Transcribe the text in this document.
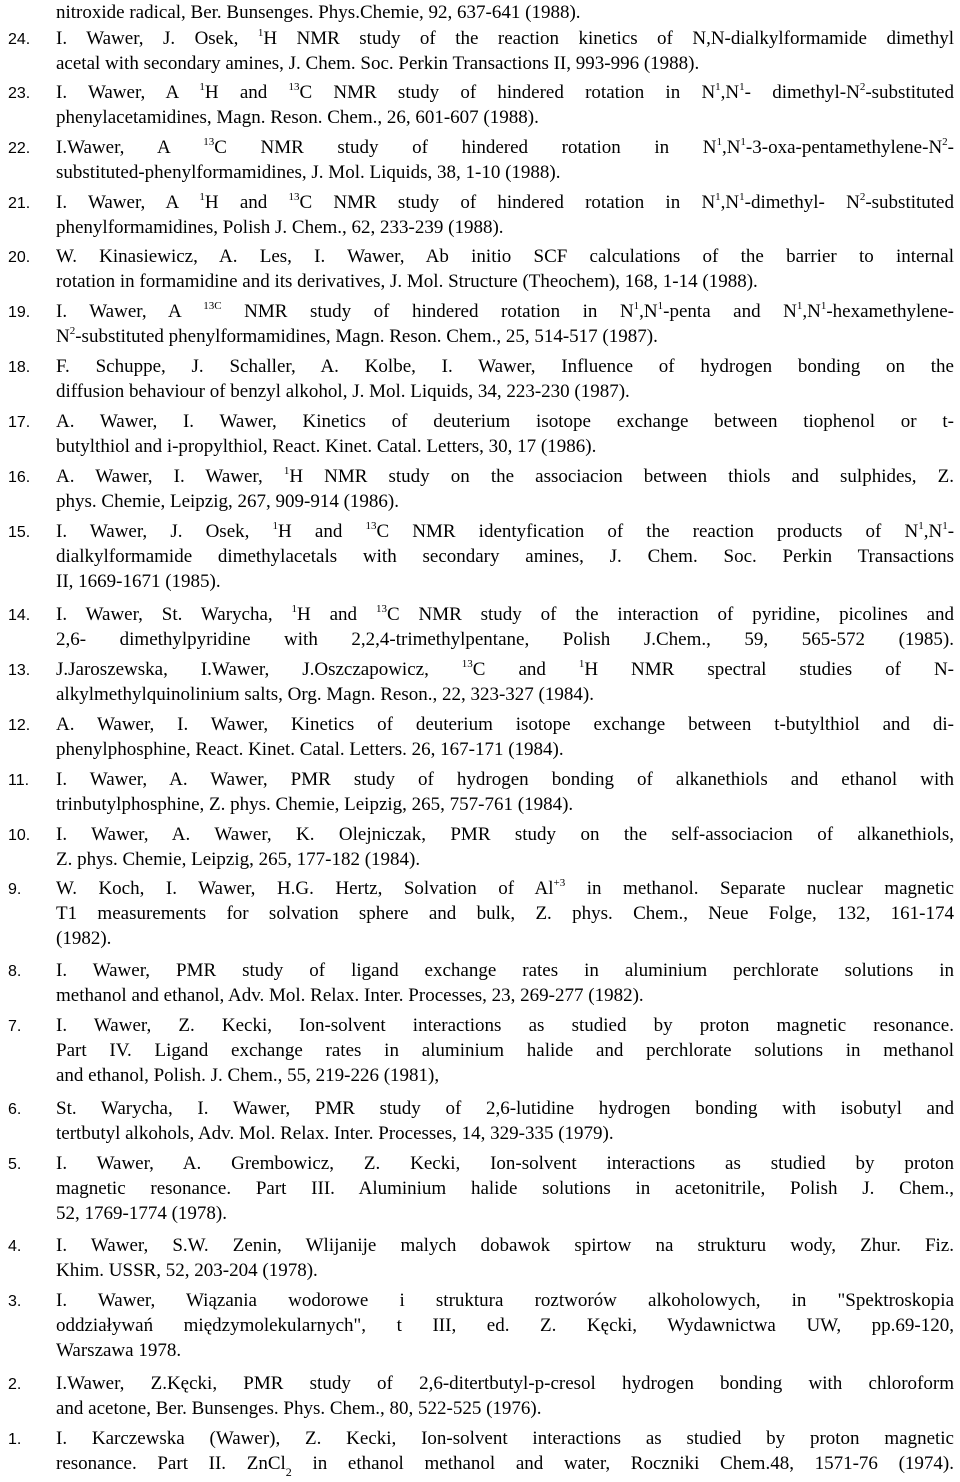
nitroxide radical, Ber. Bunsenges. Phys.Chemie, 92, 637-641 (1988).
24.	I. Wawer, J. Osek, $^1$H NMR study of the reaction kinetics of N,N-dialkylformamide dimethyl
acetal with secondary amines, J. Chem. Soc. Perkin Transactions II, 993-996 (1988).
23.	I. Wawer, A $^1$H and $^{13}$C NMR study of hindered rotation in $N^1,N^1-$ dimethyl-$N^2$-substituted
phenylacetamidines, Magn. Reson. Chem., 26, 601-607 (1988).
22.	I.Wawer, A $^{13}$C NMR study of hindered rotation in $N^1,N^1-3-oxa-pentamethylene-N^2-$
substituted-phenylformamidines, J. Mol. Liquids, 38, 1-10 (1988).
21.	I. Wawer, A $^1$H and $^{13}$C NMR study of hindered rotation in $N^1,N^1-dimethyl-$ $N^2$-substituted
phenylformamidines, Polish J. Chem., 62, 233-239 (1988).
20.	W. Kinasiewicz, A. Les, I. Wawer, Ab initio SCF calculations of the barrier to internal
rotation in formamidine and its derivatives, J. Mol. Structure (Theochem), 168, 1-14 (1988).
19.	I. Wawer, A $^{13C}$ NMR study of hindered rotation in $N^1,N^1$-penta and $N^1,N^1-hexamethylene-$
$N^2$-substituted phenylformamidines, Magn. Reson. Chem., 25, 514-517 (1987).
18.	F. Schuppe, J. Schaller, A. Kolbe, I. Wawer, Influence of hydrogen bonding on the
diffusion behaviour of benzyl alkohol, J. Mol. Liquids, 34, 223-230 (1987).
17.	A. Wawer, I. Wawer, Kinetics of deuterium isotope exchange between tiophenol or t-
butylthiol and i-propylthiol, React. Kinet. Catal. Letters, 30, 17 (1986).
16.	A. Wawer, I. Wawer, $^1$H NMR study on the associacion between thiols and sulphides, Z.
phys. Chemie, Leipzig, 267, 909-914 (1986).
15.	I. Wawer, J. Osek, $^1$H and $^{13}$C NMR identyfication of the reaction products of $N^1,N^1-$
dialkylformamide dimethylacetals with secondary amines, J. Chem. Soc. Perkin Transactions
II, 1669-1671 (1985).
14.	I. Wawer, St. Warycha, $^1$H and $^{13}$C NMR study of the interaction of pyridine, picolines and
2,6- dimethylpyridine with 2,2,4-trimethylpentane, Polish J.Chem., 59, 565-572 (1985).
13.	J.Jaroszewska, I.Wawer, J.Oszczapowicz, $^{13}$C and $^1$H NMR spectral studies of N-
alkylmethylquinolinium salts, Org. Magn. Reson., 22, 323-327 (1984).
12.	A. Wawer, I. Wawer, Kinetics of deuterium isotope exchange between t-butylthiol and di-
phenylphosphine, React. Kinet. Catal. Letters. 26, 167-171 (1984).
11.	I. Wawer, A. Wawer, PMR study of hydrogen bonding of alkanethiols and ethanol with
trinbutylphosphine, Z. phys. Chemie, Leipzig, 265, 757-761 (1984).
10.	I. Wawer, A. Wawer, K. Olejniczak, PMR study on the self-associacion of alkanethiols,
Z. phys. Chemie, Leipzig, 265, 177-182 (1984).
9.	W. Koch, I. Wawer, H.G. Hertz, Solvation of $Al^{+3}$ in methanol. Separate nuclear magnetic
T1 measurements for solvation sphere and bulk, Z. phys. Chem., Neue Folge, 132, 161-174
(1982).
8.	I. Wawer, PMR study of ligand exchange rates in aluminium perchlorate solutions in
methanol and ethanol, Adv. Mol. Relax. Inter. Processes, 23, 269-277 (1982).
7.	I. Wawer, Z. Kecki, Ion-solvent interactions as studied by proton magnetic resonance.
Part IV. Ligand exchange rates in aluminium halide and perchlorate solutions in methanol
and ethanol, Polish. J. Chem., 55, 219-226 (1981),
6.	St. Warycha, I. Wawer, PMR study of 2,6-lutidine hydrogen bonding with isobutyl and
tertbutyl alkohols, Adv. Mol. Relax. Inter. Processes, 14, 329-335 (1979).
5.	I. Wawer, A. Grembowicz, Z. Kecki, Ion-solvent interactions as studied by proton
magnetic resonance. Part III. Aluminium halide solutions in acetonitrile, Polish J. Chem.,
52, 1769-1774 (1978).
4.	I. Wawer, S.W. Zenin, Wlijanije malych dobawok spirtow na strukturu wody, Zhur. Fiz.
Khim. USSR, 52, 203-204 (1978).
3.	I. Wawer, Wiązania wodorowe i struktura roztworów alkoholowych, in "Spektroskopia
oddziaływań międzymolekularnych", t III, ed. Z. Kęcki, Wydawnictwa UW, pp.69-120,
Warszawa 1978.
2.	I.Wawer, Z.Kęcki, PMR study of 2,6-ditertbutyl-p-cresol hydrogen bonding with chloroform
and acetone, Ber. Bunsenges. Phys. Chem., 80, 522-525 (1976).
1.	I. Karczewska (Wawer), Z. Kecki, Ion-solvent interactions as studied by proton magnetic
resonance. Part II. ZnCl$_2$ in ethanol methanol and water, Roczniki Chem.48, 1571-76 (1974).
